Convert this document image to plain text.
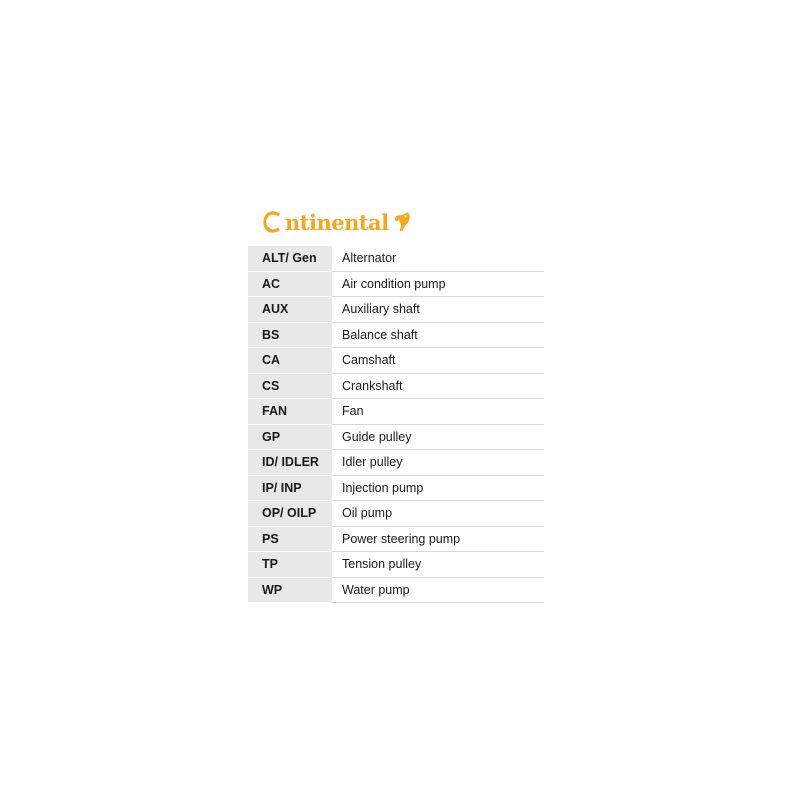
ntinental
ALT/ Gen	Alternator
AC	Air condition pump
AUX	Auxiliary shaft
BS	Balance shaft
CA	Camshaft
CS	Crankshaft
FAN	Fan
GP	Guide pulley
ID/ IDLER	Idler pulley
IP/ INP	Injection pump
OP/ OILP	Oil pump
PS	Power steering pump
TP	Tension pulley
WP	Water pump
